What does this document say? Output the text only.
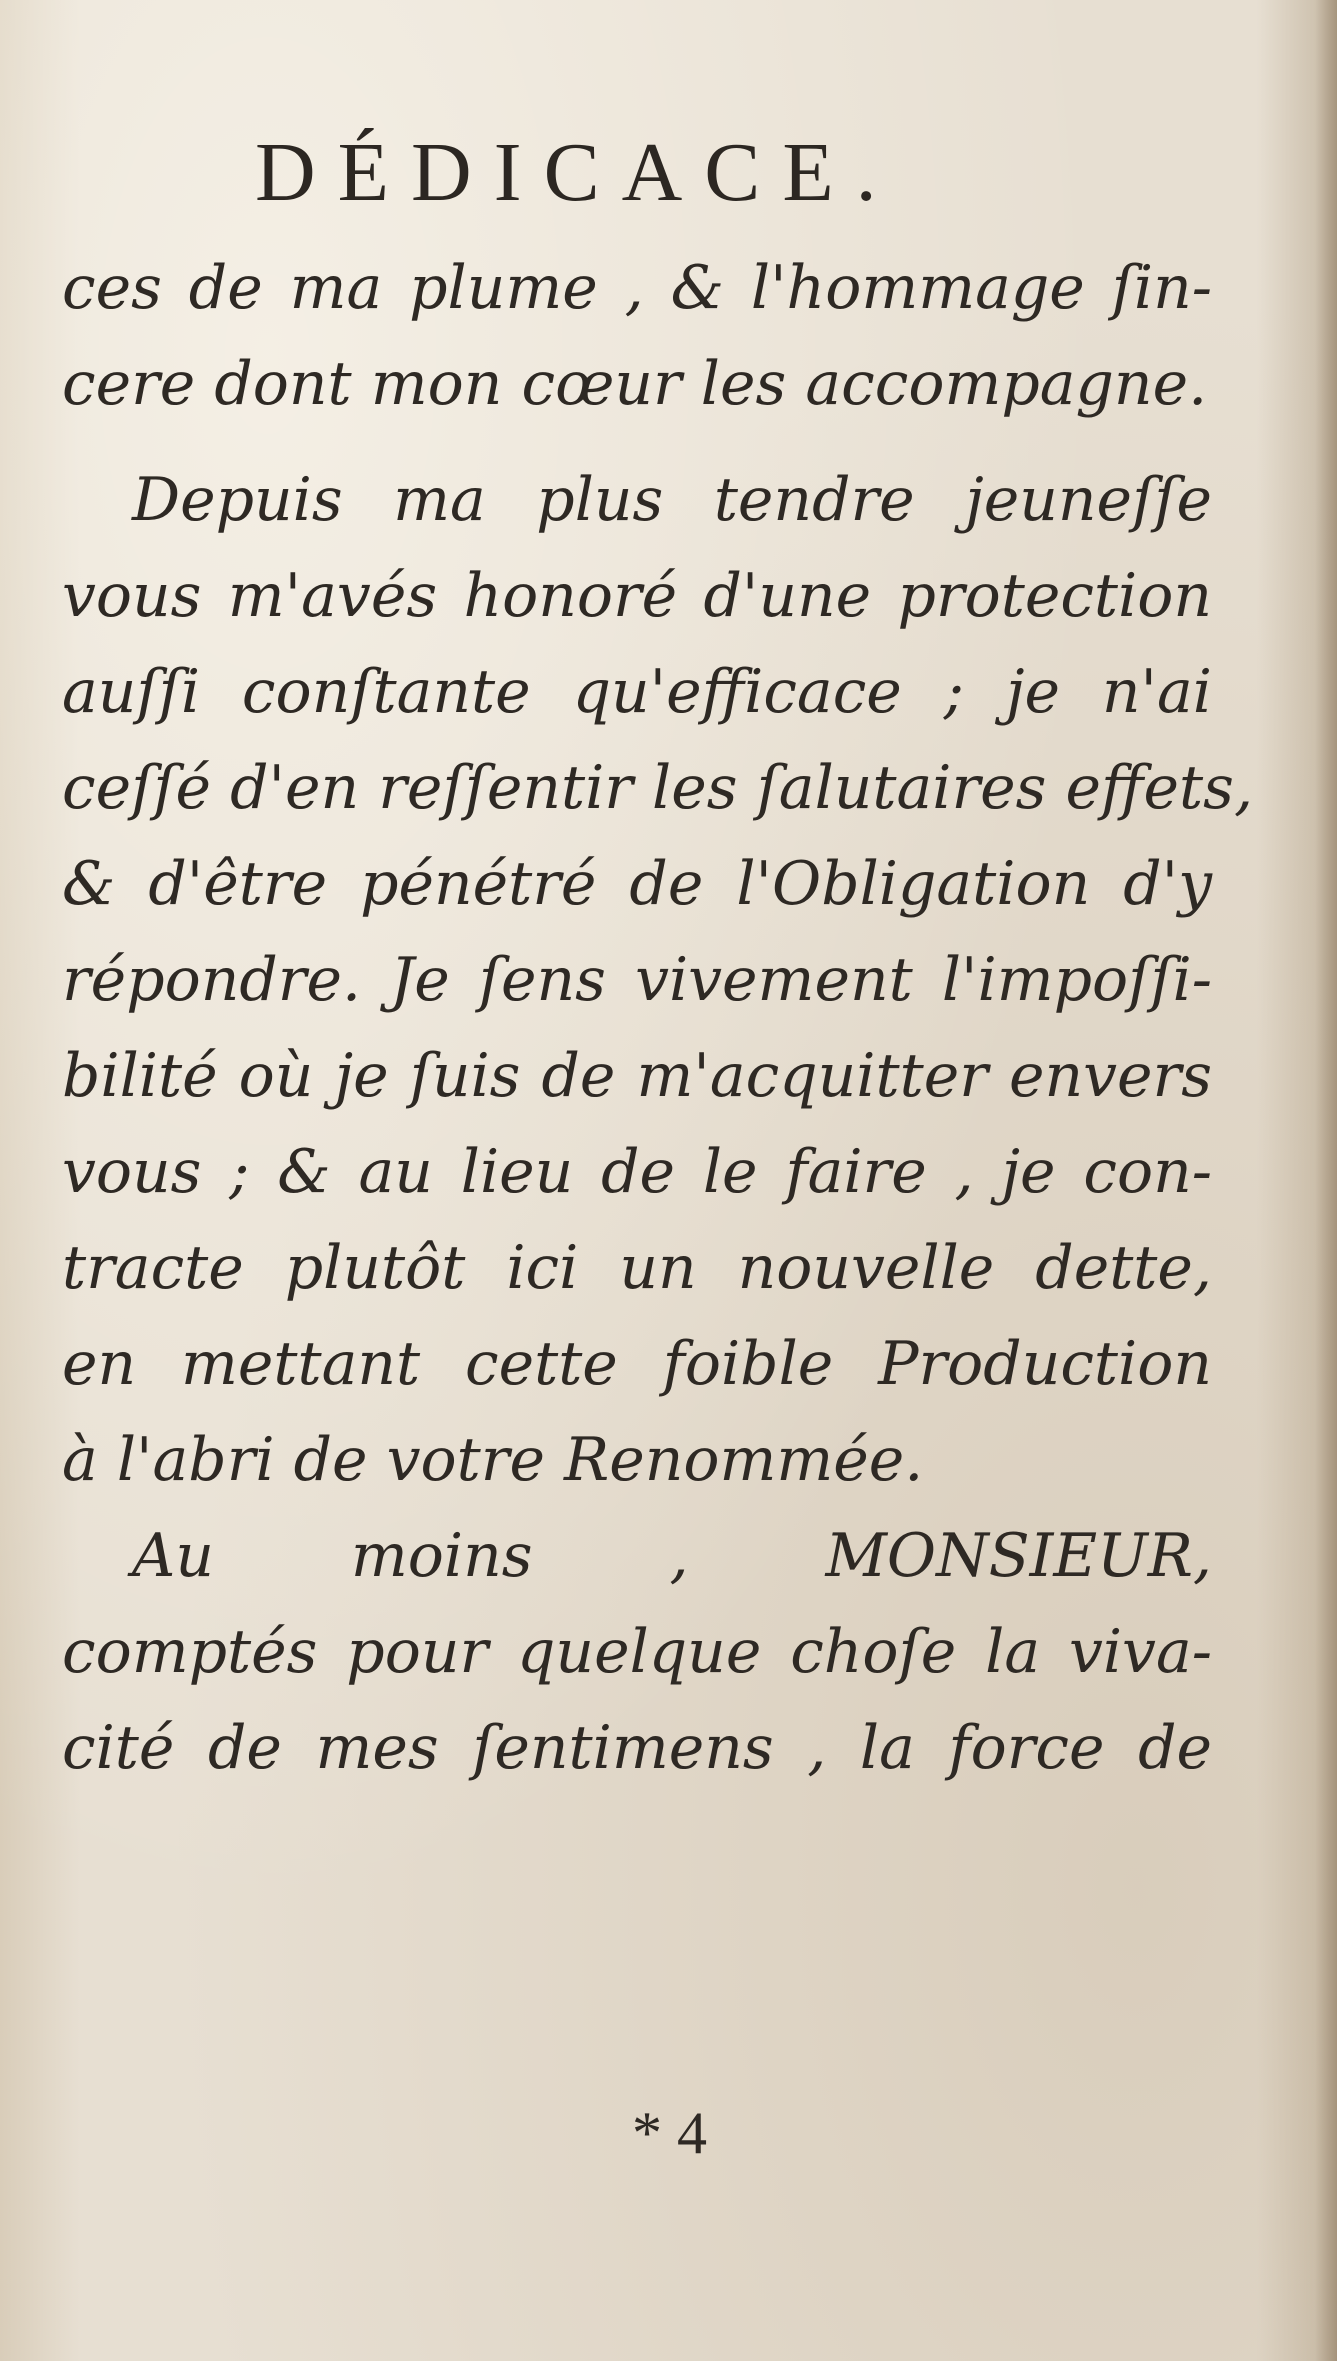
DÉDICACE.
ces de ma plume , & l'hommage ſin-
cere dont mon cœur les accompagne.
Depuis ma plus tendre jeuneſſe
vous m'avés honoré d'une protection
auſſi conſtante qu'efficace ; je n'ai
ceſſé d'en reſſentir les ſalutaires effets,
& d'être pénétré de l'Obligation d'y
répondre. Je ſens vivement l'impoſſi-
bilité où je ſuis de m'acquitter envers
vous ; & au lieu de le faire , je con-
tracte plutôt ici un nouvelle dette,
en mettant cette foible Production
à l'abri de votre Renommée.
Au moins , MONSIEUR,
comptés pour quelque choſe la viva-
cité de mes ſentimens , la force de
* 4
